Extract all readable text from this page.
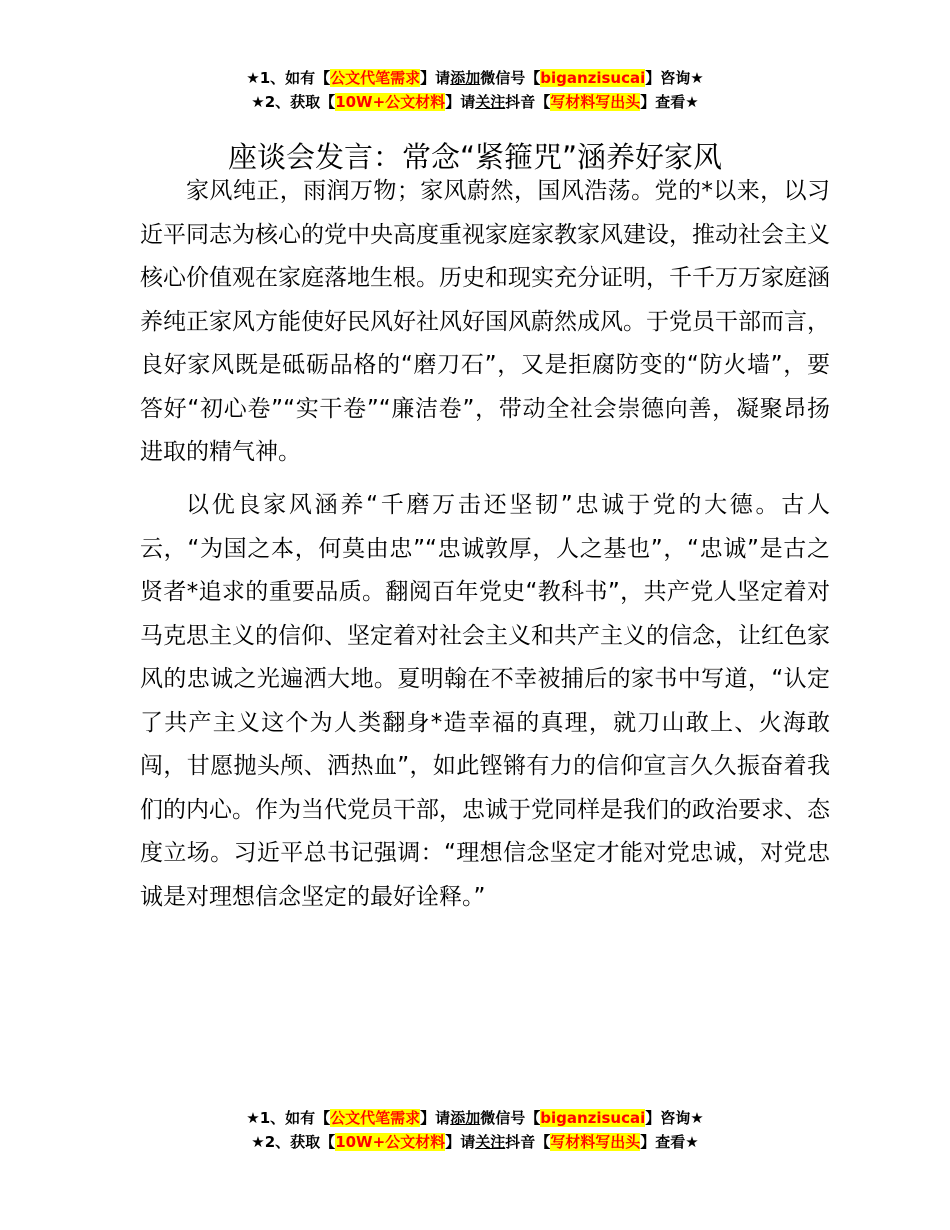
★1、如有【公文代笔需求】请添加微信号【biganzisucai】咨询★
★2、获取【10W+公文材料】请关注抖音【写材料写出头】查看★
座谈会发言：常念“紧箍咒”涵养好家风

家风纯正，雨润万物；家风蔚然，国风浩荡。党的*以来，以习近平同志为核心的党中央高度重视家庭家教家风建设，推动社会主义核心价值观在家庭落地生根。历史和现实充分证明，千千万万家庭涵养纯正家风方能使好民风好社风好国风蔚然成风。于党员干部而言，良好家风既是砥砺品格的“磨刀石”，又是拒腐防变的“防火墙”，要答好“初心卷”“实干卷”“廉洁卷”，带动全社会崇德向善，凝聚昂扬进取的精气神。

以优良家风涵养“千磨万击还坚韧”忠诚于党的大德。古人云，“为国之本，何莫由忠”“忠诚敦厚，人之基也”，“忠诚”是古之贤者*追求的重要品质。翻阅百年党史“教科书”，共产党人坚定着对马克思主义的信仰、坚定着对社会主义和共产主义的信念，让红色家风的忠诚之光遍洒大地。夏明翰在不幸被捕后的家书中写道，“认定了共产主义这个为人类翻身*造幸福的真理，就刀山敢上、火海敢闯，甘愿抛头颅、洒热血”，如此铿锵有力的信仰宣言久久振奋着我们的内心。作为当代党员干部，忠诚于党同样是我们的政治要求、态度立场。习近平总书记强调：“理想信念坚定才能对党忠诚，对党忠诚是对理想信念坚定的最好诠释。”

★1、如有【公文代笔需求】请添加微信号【biganzisucai】咨询★
★2、获取【10W+公文材料】请关注抖音【写材料写出头】查看★
